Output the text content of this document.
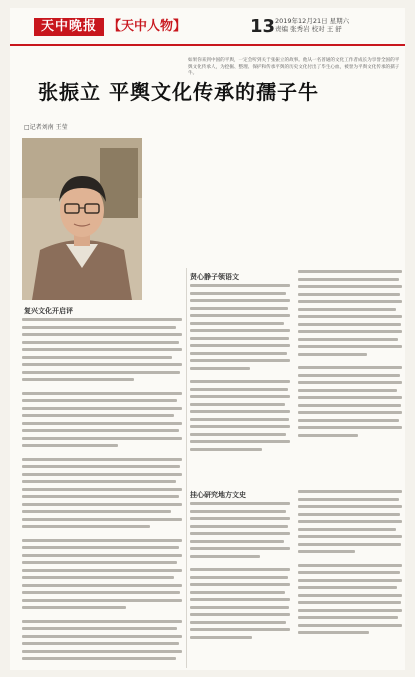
天中晚报 【天中人物】	13 2019年12月21日 星期六
责编 张秀岩 校对 王 舒
如果你来到中国的平舆，一定会听到关于张振立的故事。他从一名普通的文化工作者成长为享誉全国的平舆文化传承人，为挖掘、整理、保护和传承平舆的历史文化付出了毕生心血，被誉为平舆文化传承的孺子牛。
张振立 平舆文化传承的孺子牛
□记者刘南 王莹
复兴文化开启评
贤心静子领语文
挂心研究地方文史
